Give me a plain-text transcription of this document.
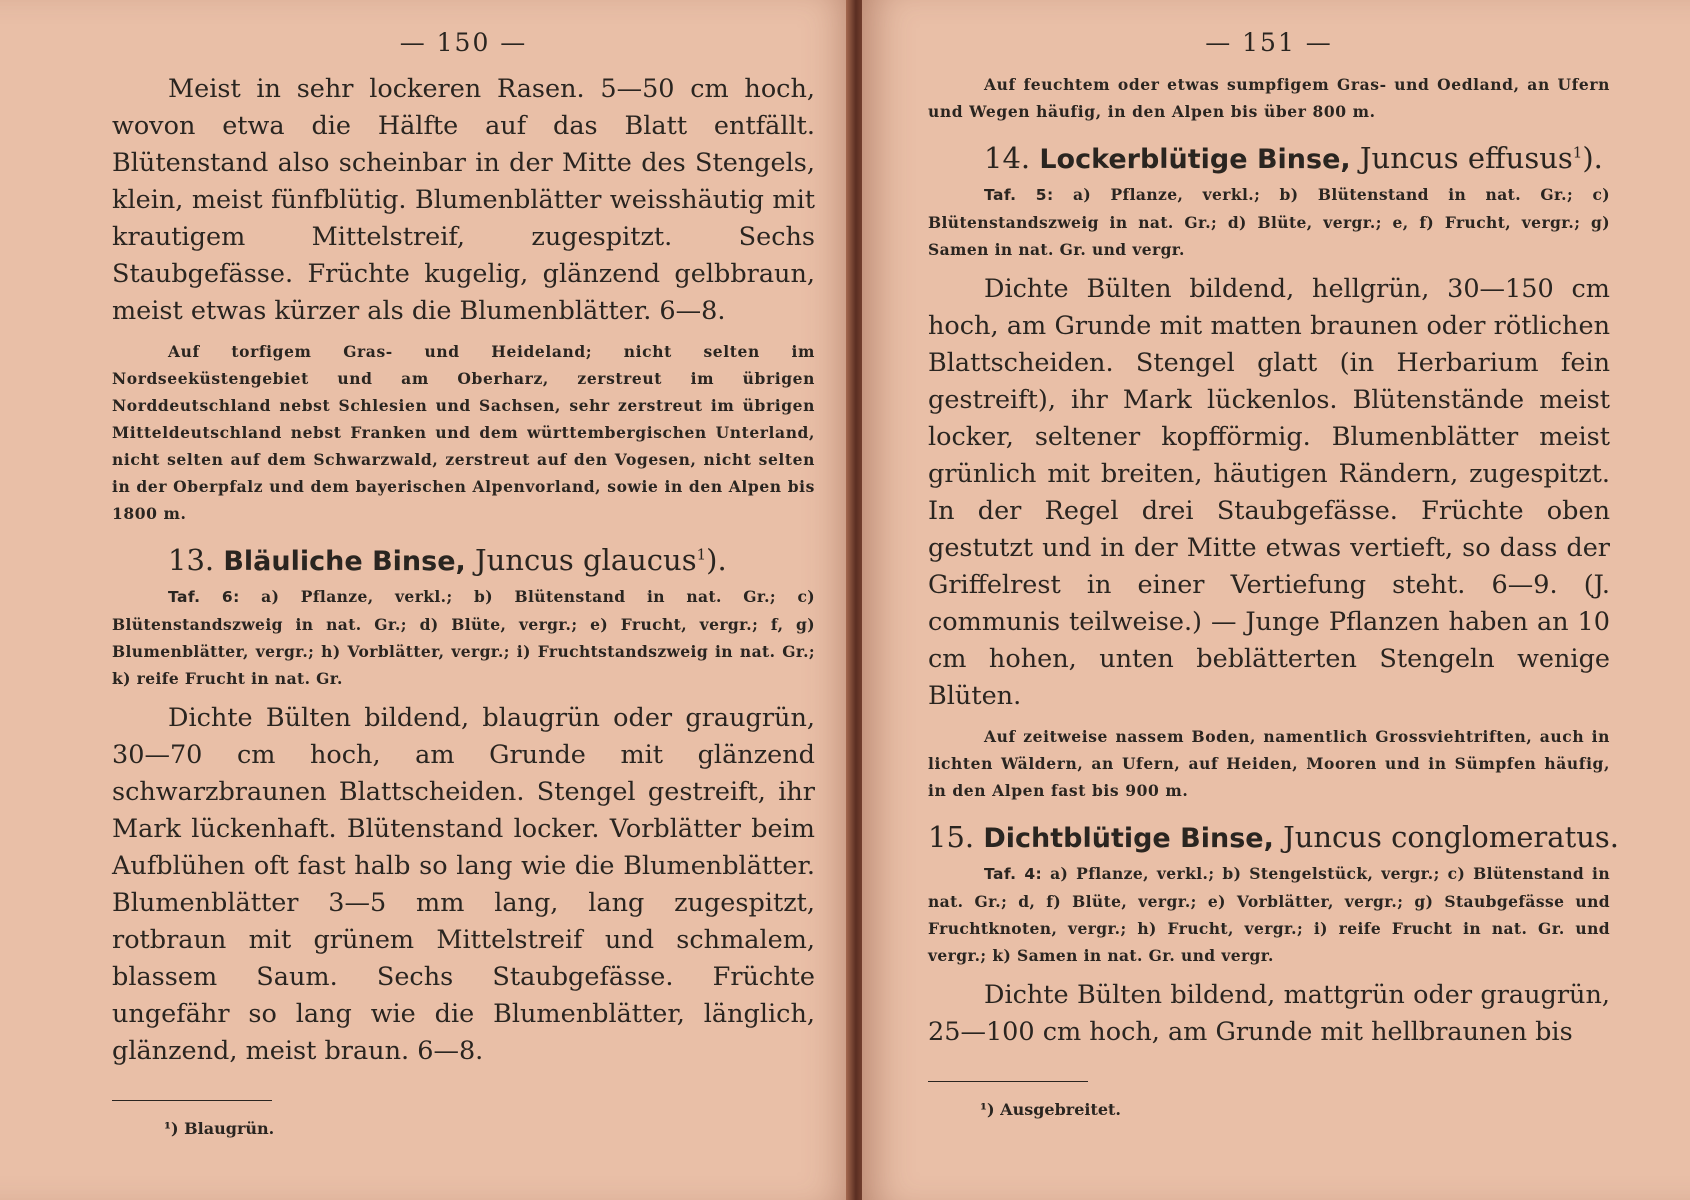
— 150 —

Meist in sehr lockeren Rasen. 5—50 cm hoch, wovon etwa die Hälfte auf das Blatt entfällt. Blütenstand also scheinbar in der Mitte des Stengels, klein, meist fünfblütig. Blumenblätter weisshäutig mit krautigem Mittelstreif, zugespitzt. Sechs Staubgefässe. Früchte kugelig, glänzend gelbbraun, meist etwas kürzer als die Blumenblätter. 6—8.

Auf torfigem Gras- und Heideland; nicht selten im Nordseeküstengebiet und am Oberharz, zerstreut im übrigen Norddeutschland nebst Schlesien und Sachsen, sehr zerstreut im übrigen Mitteldeutschland nebst Franken und dem württembergischen Unterland, nicht selten auf dem Schwarzwald, zerstreut auf den Vogesen, nicht selten in der Oberpfalz und dem bayerischen Alpenvorland, sowie in den Alpen bis 1800 m.

13. Bläuliche Binse, Juncus glaucus$^1$).

Taf. 6: a) Pflanze, verkl.; b) Blütenstand in nat. Gr.; c) Blütenstandszweig in nat. Gr.; d) Blüte, vergr.; e) Frucht, vergr.; f, g) Blumenblätter, vergr.; h) Vorblätter, vergr.; i) Fruchtstandszweig in nat. Gr.; k) reife Frucht in nat. Gr.

Dichte Bülten bildend, blaugrün oder graugrün, 30—70 cm hoch, am Grunde mit glänzend schwarzbraunen Blattscheiden. Stengel gestreift, ihr Mark lückenhaft. Blütenstand locker. Vorblätter beim Aufblühen oft fast halb so lang wie die Blumenblätter. Blumenblätter 3—5 mm lang, lang zugespitzt, rotbraun mit grünem Mittelstreif und schmalem, blassem Saum. Sechs Staubgefässe. Früchte ungefähr so lang wie die Blumenblätter, länglich, glänzend, meist braun. 6—8.

¹) Blaugrün.
— 151 —

Auf feuchtem oder etwas sumpfigem Gras- und Oedland, an Ufern und Wegen häufig, in den Alpen bis über 800 m.

14. Lockerblütige Binse, Juncus effusus$^1$).

Taf. 5: a) Pflanze, verkl.; b) Blütenstand in nat. Gr.; c) Blütenstandszweig in nat. Gr.; d) Blüte, vergr.; e, f) Frucht, vergr.; g) Samen in nat. Gr. und vergr.

Dichte Bülten bildend, hellgrün, 30—150 cm hoch, am Grunde mit matten braunen oder rötlichen Blattscheiden. Stengel glatt (in Herbarium fein gestreift), ihr Mark lückenlos. Blütenstände meist locker, seltener kopfförmig. Blumenblätter meist grünlich mit breiten, häutigen Rändern, zugespitzt. In der Regel drei Staubgefässe. Früchte oben gestutzt und in der Mitte etwas vertieft, so dass der Griffelrest in einer Vertiefung steht. 6—9. (J. communis teilweise.) — Junge Pflanzen haben an 10 cm hohen, unten beblätterten Stengeln wenige Blüten.

Auf zeitweise nassem Boden, namentlich Grossviehtriften, auch in lichten Wäldern, an Ufern, auf Heiden, Mooren und in Sümpfen häufig, in den Alpen fast bis 900 m.

15. Dichtblütige Binse, Juncus conglomeratus.

Taf. 4: a) Pflanze, verkl.; b) Stengelstück, vergr.; c) Blütenstand in nat. Gr.; d, f) Blüte, vergr.; e) Vorblätter, vergr.; g) Staubgefässe und Fruchtknoten, vergr.; h) Frucht, vergr.; i) reife Frucht in nat. Gr. und vergr.; k) Samen in nat. Gr. und vergr.

Dichte Bülten bildend, mattgrün oder graugrün, 25—100 cm hoch, am Grunde mit hellbraunen bis

¹) Ausgebreitet.
